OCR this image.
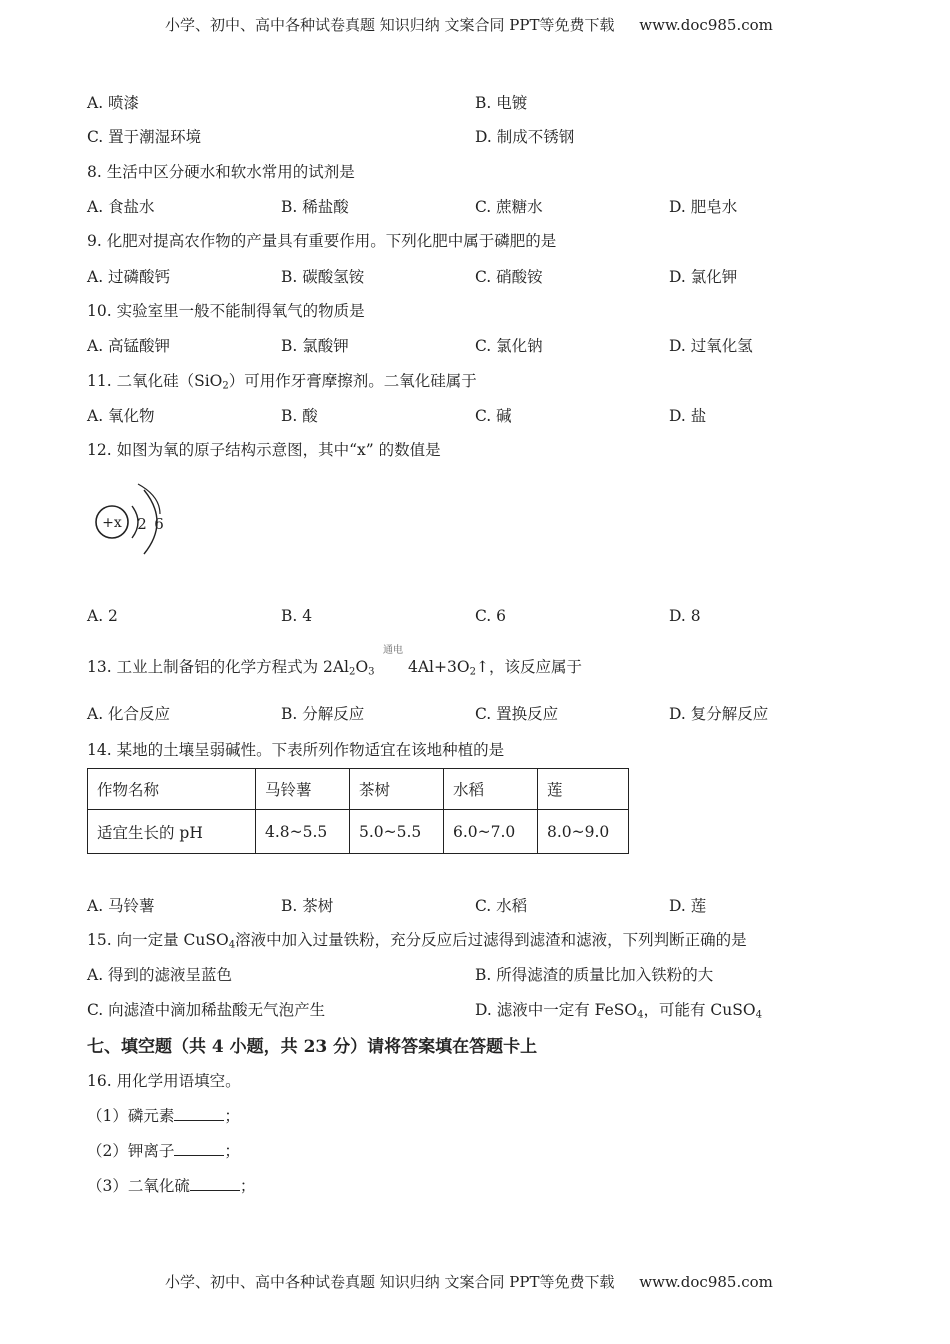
小学、初中、高中各种试卷真题 知识归纳 文案合同 PPT等免费下载 www.doc985.com
A. 喷漆	B. 电镀
C. 置于潮湿环境	D. 制成不锈钢
8. 生活中区分硬水和软水常用的试剂是
A. 食盐水	B. 稀盐酸	C. 蔗糖水	D. 肥皂水
9. 化肥对提高农作物的产量具有重要作用。下列化肥中属于磷肥的是
A. 过磷酸钙	B. 碳酸氢铵	C. 硝酸铵	D. 氯化钾
10. 实验室里一般不能制得氧气的物质是
A. 高锰酸钾	B. 氯酸钾	C. 氯化钠	D. 过氧化氢
11. 二氧化硅（SiO$_2$）可用作牙膏摩擦剂。二氧化硅属于
A. 氧化物	B. 酸	C. 碱	D. 盐
12. 如图为氧的原子结构示意图，其中“x” 的数值是
+x 2 6
A. 2	B. 4	C. 6	D. 8
13. 工业上制备铝的化学方程式为 $2Al_2O_3$
通电
$4Al+3O_2↑$，该反应属于
A. 化合反应	B. 分解反应	C. 置换反应	D. 复分解反应
14. 某地的土壤呈弱碱性。下表所列作物适宜在该地种植的是
作物名称	马铃薯	茶树	水稻	莲
适宜生长的 pH	4.8~5.5	5.0~5.5	6.0~7.0	8.0~9.0
A. 马铃薯	B. 茶树	C. 水稻	D. 莲
15. 向一定量 CuSO$_4$溶液中加入过量铁粉，充分反应后过滤得到滤渣和滤液，下列判断正确的是
A. 得到的滤液呈蓝色	B. 所得滤渣的质量比加入铁粉的大
C. 向滤渣中滴加稀盐酸无气泡产生	D. 滤液中一定有 FeSO$_4$，可能有 CuSO$_4$
七、填空题（共 4 小题，共 23 分）请将答案填在答题卡上
16. 用化学用语填空。
（1）磷元素	；
（2）钾离子	；
（3）二氧化硫	；
小学、初中、高中各种试卷真题 知识归纳 文案合同 PPT等免费下载 www.doc985.com
